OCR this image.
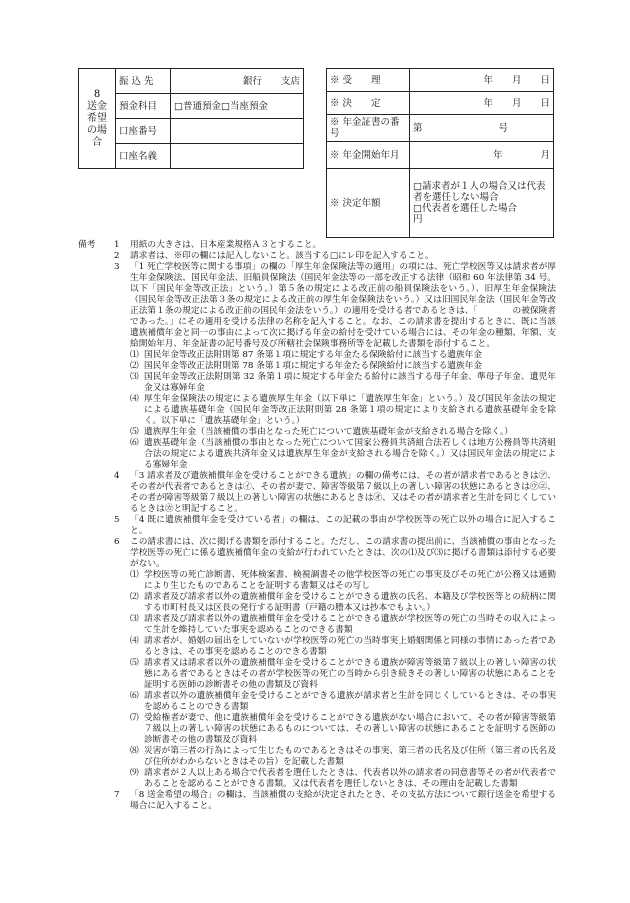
8
送金
希望
の場
合	振 込 先	銀行　　支店
	預金科目	□普通預金□当座預金
	口座番号	
	口座名義	
※ 受　　理	年　　月　　日
※ 決　　定	年　　月　　日
※ 年金証書の番号	第　　　　　　　　号
※ 年金開始年月	年　　　　月
※ 決定年額	□請求者が１人の場合又は代表者を選任しない場合
□代表者を選任した場合
円
備考	1	用紙の大きさは、日本産業規格Ａ３とすること。
2	請求者は、※印の欄には記入しないこと。該当する□にレ印を記入すること。
3	「1 死亡学校医等に関する事項」の欄の「厚生年金保険法等の適用」の項には、死亡学校医等又は請求者が厚生年金保険法、国民年金法、旧船員保険法（国民年金法等の一部を改正する法律（昭和 60 年法律第 34 号。以下「国民年金等改正法」という。）第５条の規定による改正前の船員保険法をいう。）、旧厚生年金保険法（国民年金等改正法第３条の規定による改正前の厚生年金保険法をいう。）又は旧国民年金法（国民年金等改正法第１条の規定による改正前の国民年金法をいう。）の適用を受ける者であるときは、「　　　　の被保険者であった。」にその適用を受ける法律の名称を記入すること。なお、この請求書を提出するときに、既に当該遺族補償年金と同一の事由によって次に掲げる年金の給付を受けている場合には、その年金の種類、年額、支給開始年月、年金証書の記号番号及び所轄社会保険事務所等を記載した書類を添付すること。
⑴ 国民年金等改正法附則第 87 条第１項に規定する年金たる保険給付に該当する遺族年金
⑵ 国民年金等改正法附則第 78 条第１項に規定する年金たる保険給付に該当する遺族年金
⑶ 国民年金等改正法附則第 32 条第１項に規定する年金たる給付に該当する母子年金、準母子年金、遺児年金又は寡婦年金
⑷ 厚生年金保険法の規定による遺族厚生年金（以下単に「遺族厚生年金」という。）及び国民年金法の規定による遺族基礎年金（国民年金等改正法附則第 28 条第１項の規定により支給される遺族基礎年金を除く。以下単に「遺族基礎年金」という。）
⑸ 遺族厚生年金（当該補償の事由となった死亡について遺族基礎年金が支給される場合を除く。）
⑹ 遺族基礎年金（当該補償の事由となった死亡について国家公務員共済組合法若しくは地方公務員等共済組合法の規定による遺族共済年金又は遺族厚生年金が支給される場合を除く。）又は国民年金法の規定による寡婦年金
4	「3 請求者及び遺族補償年金を受けることができる遺族」の欄の備考には、その者が請求者であるときは㋐、その者が代表者であるときは㋑、その者が妻で、障害等級第７級以上の著しい障害の状態にあるときは㋒㋓、その者が障害等級第７級以上の著しい障害の状態にあるときは㋔、又はその者が請求者と生計を同じくしているときは㋕と明記すること。
5	「4 既に遺族補償年金を受けている者」の欄は、この記載の事由が学校医等の死亡以外の場合に記入すること。
6	この請求書には、次に掲げる書類を添付すること。ただし、この請求書の提出前に、当該補償の事由となった学校医等の死亡に係る遺族補償年金の支給が行われていたときは、次の⑴及び⑶に掲げる書類は添付する必要がない。
⑴ 学校医等の死亡診断書、死体検案書、検視調書その他学校医等の死亡の事実及びその死亡が公務又は通勤により生じたものであることを証明する書類又はその写し
⑵ 請求者及び請求者以外の遺族補償年金を受けることができる遺族の氏名、本籍及び学校医等との続柄に関する市町村長又は区長の発行する証明書（戸籍の謄本又は抄本でもよい。）
⑶ 請求者及び請求者以外の遺族補償年金を受けることができる遺族が学校医等の死亡の当時その収入によって生計を維持していた事実を認めることのできる書類
⑷ 請求者が、婚姻の届出をしていないが学校医等の死亡の当時事実上婚姻関係と同様の事情にあった者であるときは、その事実を認めることのできる書類
⑸ 請求者又は請求者以外の遺族補償年金を受けることができる遺族が障害等級第７級以上の著しい障害の状態にある者であるときはその者が学校医等の死亡の当時から引き続きその著しい障害の状態にあることを証明する医師の診断書その他の書類及び資料
⑹ 請求者以外の遺族補償年金を受けることができる遺族が請求者と生計を同じくしているときは、その事実を認めることのできる書類
⑺ 受給権者が妻で、他に遺族補償年金を受けることができる遺族がない場合において、その者が障害等級第７級以上の著しい障害の状態にあるものについては、その著しい障害の状態にあることを証明する医師の診断書その他の書類及び資料
⑻ 災害が第三者の行為によって生じたものであるときはその事実、第三者の氏名及び住所（第三者の氏名及び住所がわからないときはその旨）を記載した書類
⑼ 請求者が２人以上ある場合で代表者を選任したときは、代表者以外の請求者の同意書等その者が代表者であることを認めることができる書類。又は代表者を選任しないときは、その理由を記載した書類
7	「8 送金希望の場合」の欄は、当該補償の支給が決定されたとき、その支払方法について銀行送金を希望する場合に記入すること。
